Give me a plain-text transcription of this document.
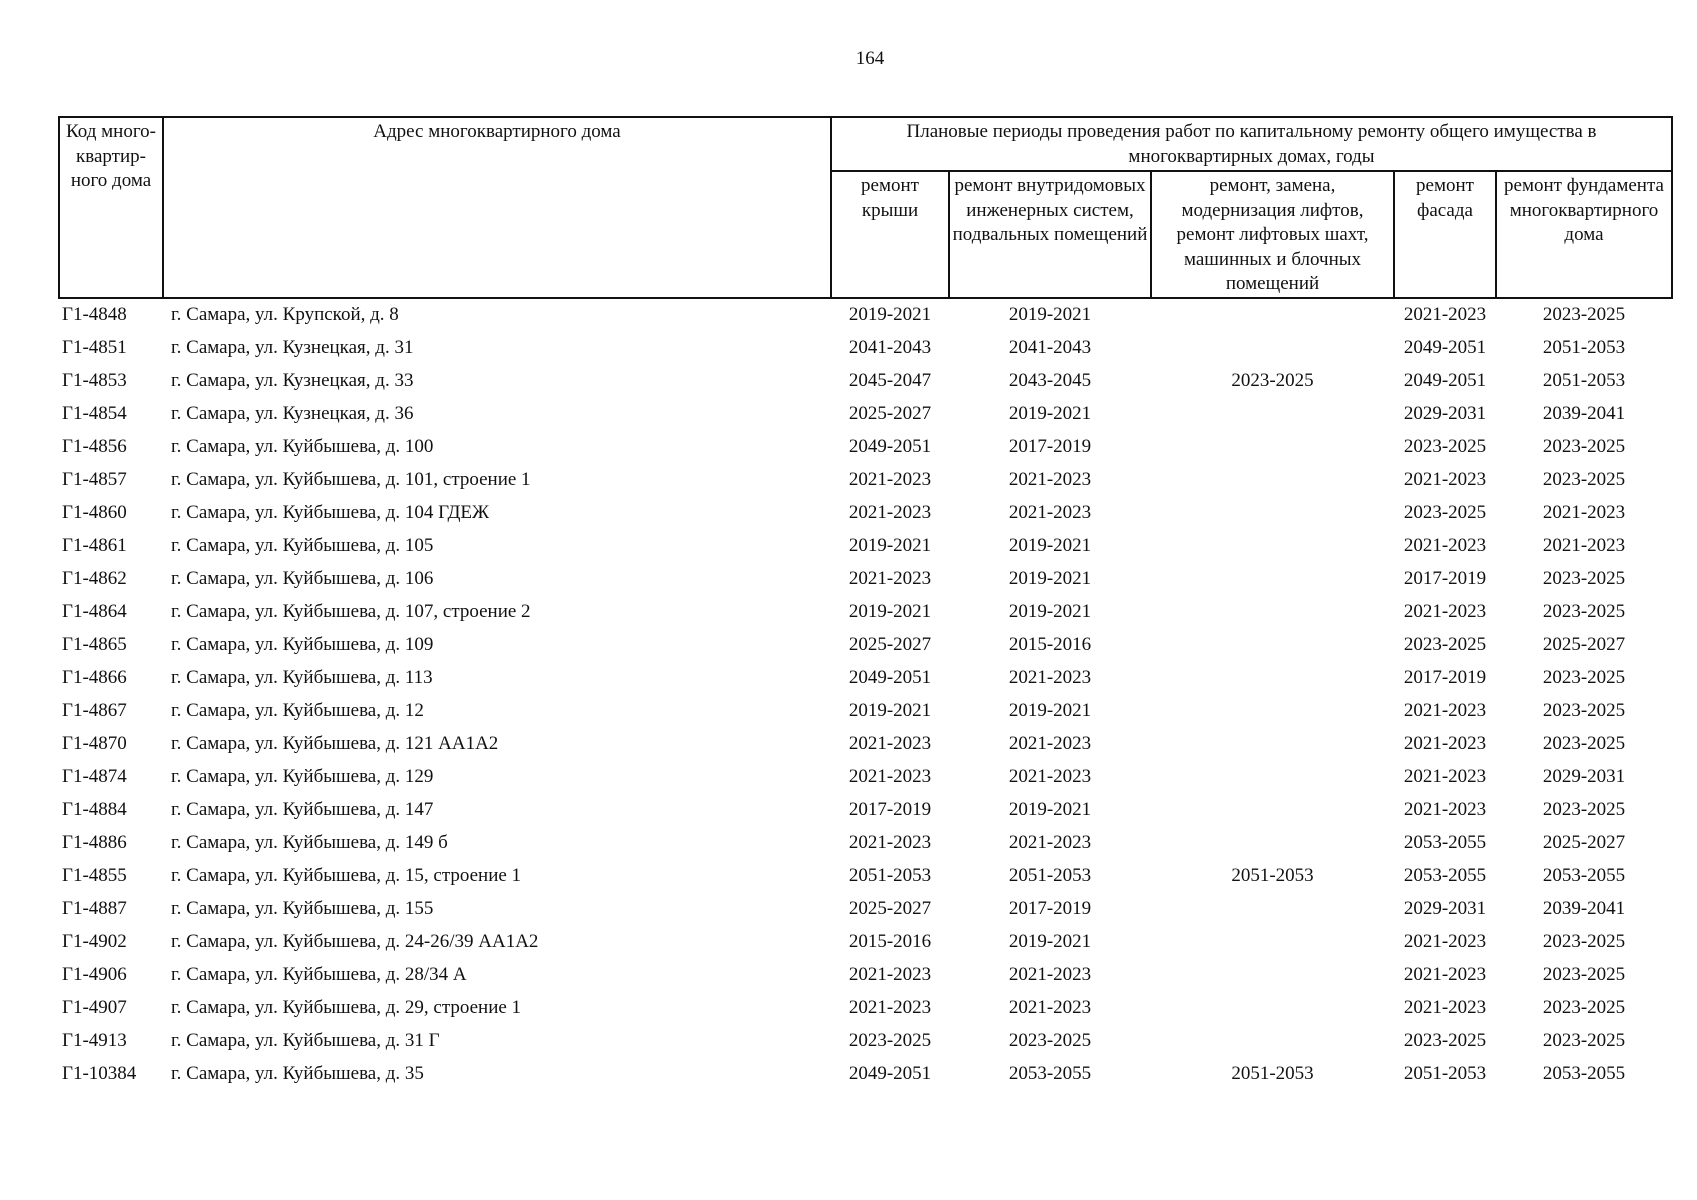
164
Код много-квартир-ного дома	Адрес многоквартирного дома	Плановые периоды проведения работ по капитальному ремонту общего имущества в многоквартирных домах, годы				
		ремонт крыши	ремонт внутридомовых инженерных систем, подвальных помещений	ремонт, замена, модернизация лифтов, ремонт лифтовых шахт, машинных и блочных помещений	ремонт фасада	ремонт фундамента многоквартирного дома
Г1-4848	г. Самара, ул. Крупской, д. 8	2019-2021	2019-2021		2021-2023	2023-2025
Г1-4851	г. Самара, ул. Кузнецкая, д. 31	2041-2043	2041-2043		2049-2051	2051-2053
Г1-4853	г. Самара, ул. Кузнецкая, д. 33	2045-2047	2043-2045	2023-2025	2049-2051	2051-2053
Г1-4854	г. Самара, ул. Кузнецкая, д. 36	2025-2027	2019-2021		2029-2031	2039-2041
Г1-4856	г. Самара, ул. Куйбышева, д. 100	2049-2051	2017-2019		2023-2025	2023-2025
Г1-4857	г. Самара, ул. Куйбышева, д. 101, строение 1	2021-2023	2021-2023		2021-2023	2023-2025
Г1-4860	г. Самара, ул. Куйбышева, д. 104 ГДЕЖ	2021-2023	2021-2023		2023-2025	2021-2023
Г1-4861	г. Самара, ул. Куйбышева, д. 105	2019-2021	2019-2021		2021-2023	2021-2023
Г1-4862	г. Самара, ул. Куйбышева, д. 106	2021-2023	2019-2021		2017-2019	2023-2025
Г1-4864	г. Самара, ул. Куйбышева, д. 107, строение 2	2019-2021	2019-2021		2021-2023	2023-2025
Г1-4865	г. Самара, ул. Куйбышева, д. 109	2025-2027	2015-2016		2023-2025	2025-2027
Г1-4866	г. Самара, ул. Куйбышева, д. 113	2049-2051	2021-2023		2017-2019	2023-2025
Г1-4867	г. Самара, ул. Куйбышева, д. 12	2019-2021	2019-2021		2021-2023	2023-2025
Г1-4870	г. Самара, ул. Куйбышева, д. 121 АА1А2	2021-2023	2021-2023		2021-2023	2023-2025
Г1-4874	г. Самара, ул. Куйбышева, д. 129	2021-2023	2021-2023		2021-2023	2029-2031
Г1-4884	г. Самара, ул. Куйбышева, д. 147	2017-2019	2019-2021		2021-2023	2023-2025
Г1-4886	г. Самара, ул. Куйбышева, д. 149 б	2021-2023	2021-2023		2053-2055	2025-2027
Г1-4855	г. Самара, ул. Куйбышева, д. 15, строение 1	2051-2053	2051-2053	2051-2053	2053-2055	2053-2055
Г1-4887	г. Самара, ул. Куйбышева, д. 155	2025-2027	2017-2019		2029-2031	2039-2041
Г1-4902	г. Самара, ул. Куйбышева, д. 24-26/39 АА1А2	2015-2016	2019-2021		2021-2023	2023-2025
Г1-4906	г. Самара, ул. Куйбышева, д. 28/34 А	2021-2023	2021-2023		2021-2023	2023-2025
Г1-4907	г. Самара, ул. Куйбышева, д. 29, строение 1	2021-2023	2021-2023		2021-2023	2023-2025
Г1-4913	г. Самара, ул. Куйбышева, д. 31 Г	2023-2025	2023-2025		2023-2025	2023-2025
Г1-10384	г. Самара, ул. Куйбышева, д. 35	2049-2051	2053-2055	2051-2053	2051-2053	2053-2055
